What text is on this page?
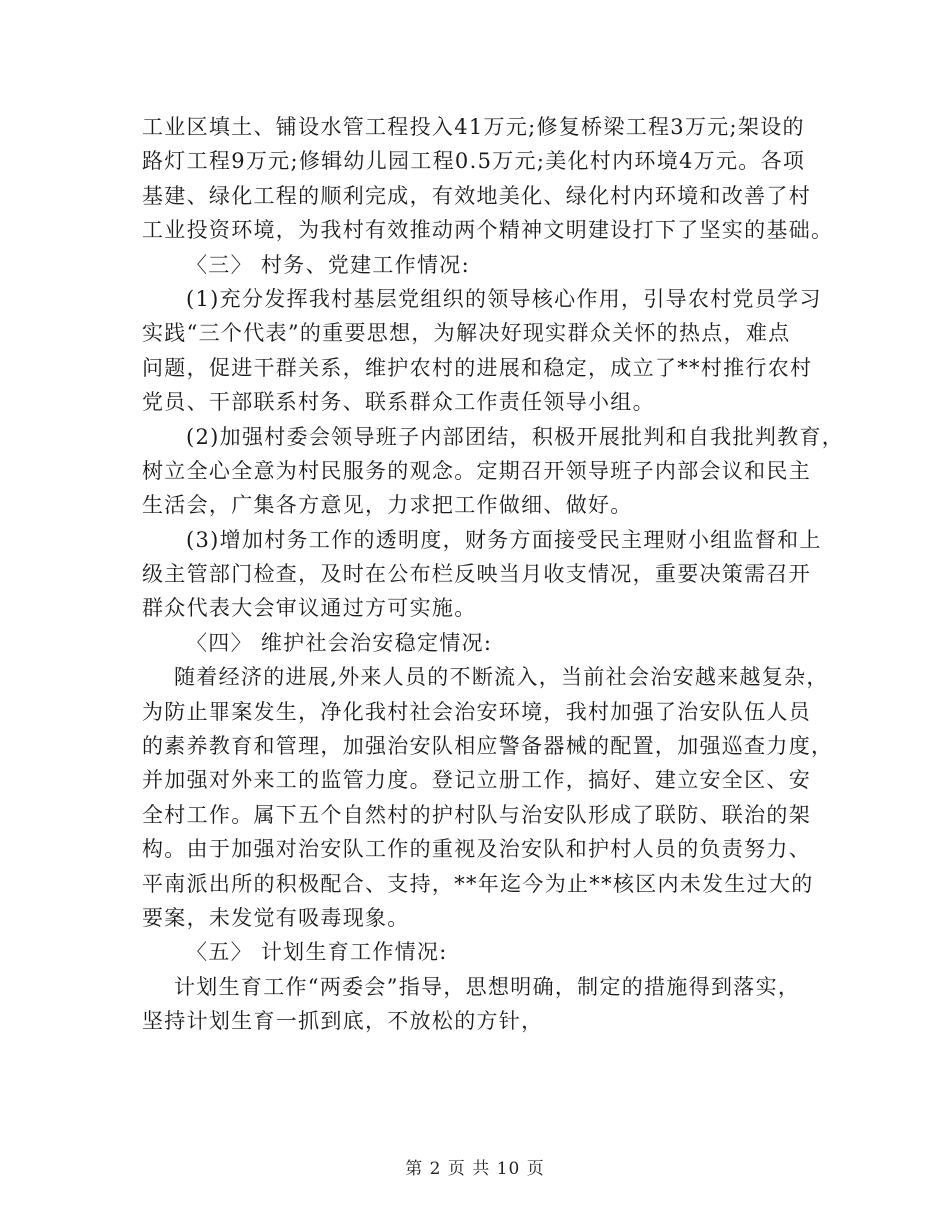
工业区填土、铺设水管工程投入41万元;修复桥梁工程3万元;架设的
路灯工程9万元;修辑幼儿园工程0.5万元;美化村内环境4万元。各项
基建、绿化工程的顺利完成，有效地美化、绿化村内环境和改善了村
工业投资环境，为我村有效推动两个精神文明建设打下了坚实的基础。
〈三〉 村务、党建工作情况:
(1)充分发挥我村基层党组织的领导核心作用，引导农村党员学习
实践“三个代表”的重要思想，为解决好现实群众关怀的热点，难点
问题，促进干群关系，维护农村的进展和稳定，成立了**村推行农村
党员、干部联系村务、联系群众工作责任领导小组。
(2)加强村委会领导班子内部团结，积极开展批判和自我批判教育，
树立全心全意为村民服务的观念。定期召开领导班子内部会议和民主
生活会，广集各方意见，力求把工作做细、做好。
(3)增加村务工作的透明度，财务方面接受民主理财小组监督和上
级主管部门检查，及时在公布栏反映当月收支情况，重要决策需召开
群众代表大会审议通过方可实施。
〈四〉 维护社会治安稳定情况:
随着经济的进展,外来人员的不断流入，当前社会治安越来越复杂，
为防止罪案发生，净化我村社会治安环境，我村加强了治安队伍人员
的素养教育和管理，加强治安队相应警备器械的配置，加强巡查力度，
并加强对外来工的监管力度。登记立册工作，搞好、建立安全区、安
全村工作。属下五个自然村的护村队与治安队形成了联防、联治的架
构。由于加强对治安队工作的重视及治安队和护村人员的负责努力、
平南派出所的积极配合、支持，**年迄今为止**核区内未发生过大的
要案，未发觉有吸毒现象。
〈五〉 计划生育工作情况:
计划生育工作“两委会”指导，思想明确，制定的措施得到落实，
坚持计划生育一抓到底，不放松的方针，
第 2 页 共 10 页
